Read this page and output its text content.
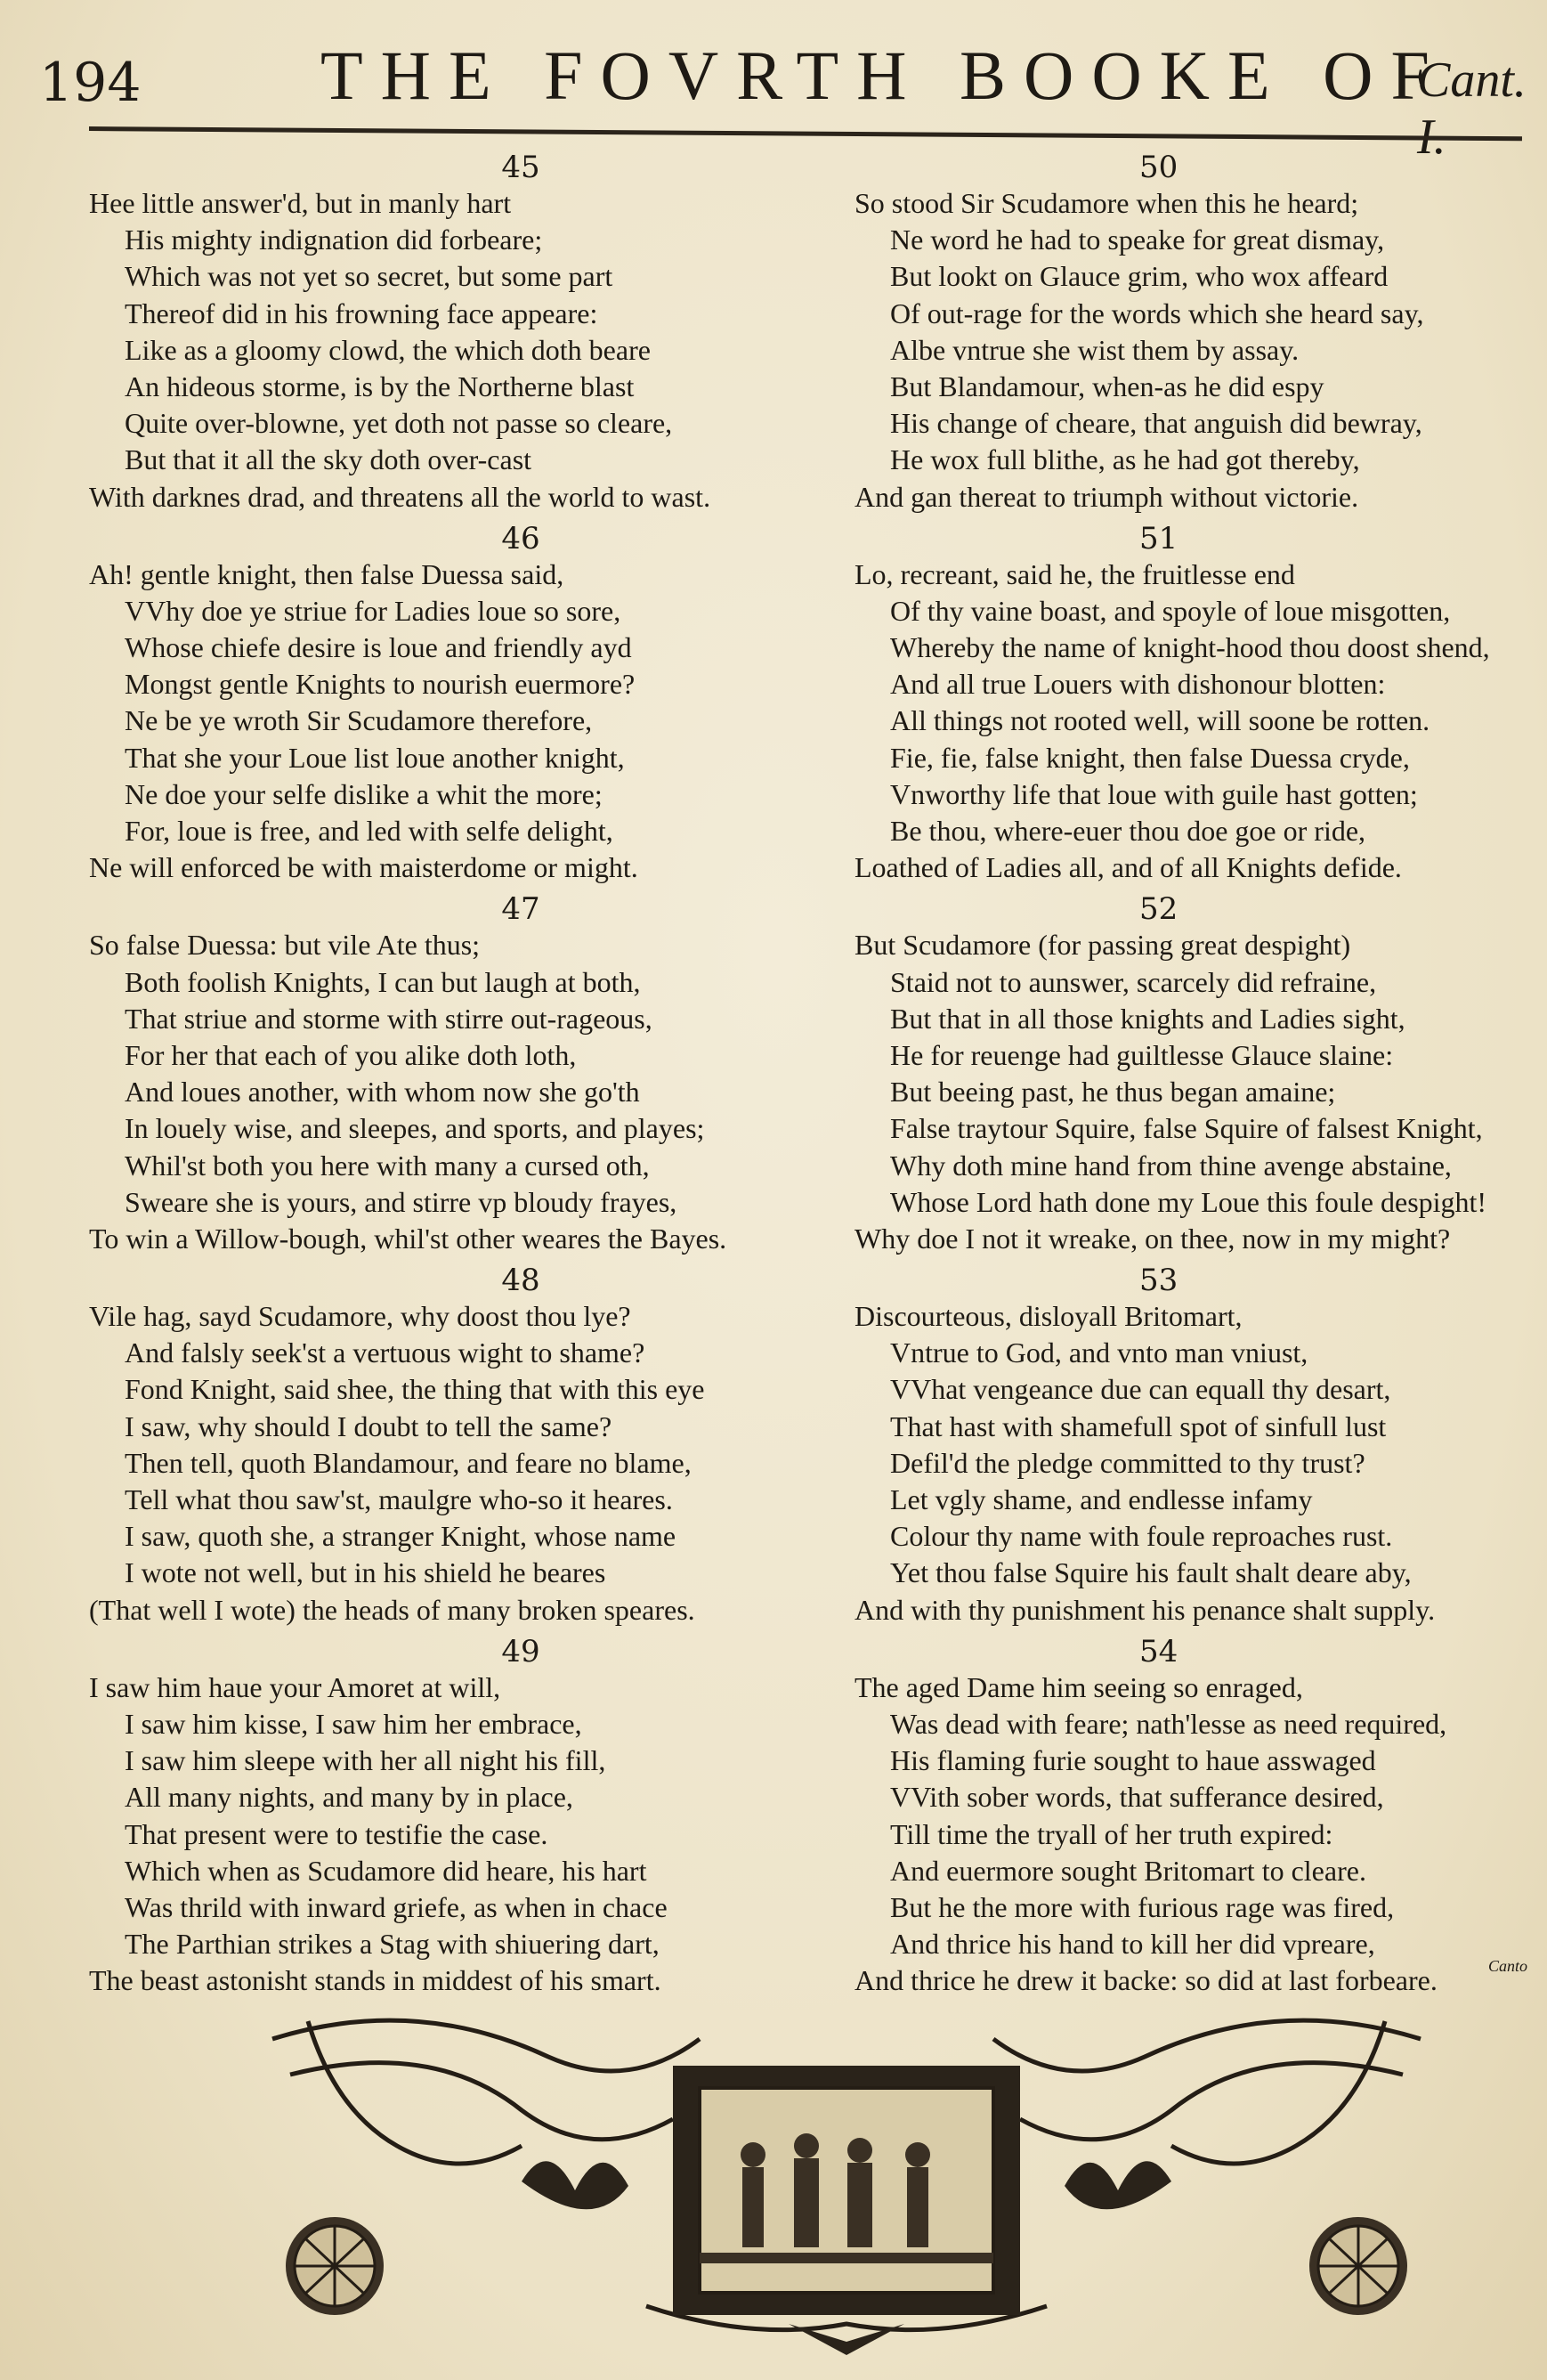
194	THE FOVRTH BOOKE OF
Cant.
45
Hee little answer'd, but in manly hart
His mighty indignation did forbeare;
Which was not yet so secret, but some part
Thereof did in his frowning face appeare:
Like as a gloomy clowd, the which doth beare
An hideous storme, is by the Northerne blast
Quite over-blowne, yet doth not passe so cleare,
But that it all the sky doth over-cast
With darknes drad, and threatens all the world to wast.
46
Ah! gentle knight, then false Duessa said,
VVhy doe ye striue for Ladies loue so sore,
Whose chiefe desire is loue and friendly ayd
Mongst gentle Knights to nourish euermore?
Ne be ye wroth Sir Scudamore therefore,
That she your Loue list loue another knight,
Ne doe your selfe dislike a whit the more;
For, loue is free, and led with selfe delight,
Ne will enforced be with maisterdome or might.
47
So false Duessa: but vile Ate thus;
Both foolish Knights, I can but laugh at both,
That striue and storme with stirre out-rageous,
For her that each of you alike doth loth,
And loues another, with whom now she go'th
In louely wise, and sleepes, and sports, and playes;
Whil'st both you here with many a cursed oth,
Sweare she is yours, and stirre vp bloudy frayes,
To win a Willow-bough, whil'st other weares the Bayes.
48
Vile hag, sayd Scudamore, why doost thou lye?
And falsly seek'st a vertuous wight to shame?
Fond Knight, said shee, the thing that with this eye
I saw, why should I doubt to tell the same?
Then tell, quoth Blandamour, and feare no blame,
Tell what thou saw'st, maulgre who-so it heares.
I saw, quoth she, a stranger Knight, whose name
I wote not well, but in his shield he beares
(That well I wote) the heads of many broken speares.
49
I saw him haue your Amoret at will,
I saw him kisse, I saw him her embrace,
I saw him sleepe with her all night his fill,
All many nights, and many by in place,
That present were to testifie the case.
Which when as Scudamore did heare, his hart
Was thrild with inward griefe, as when in chace
The Parthian strikes a Stag with shiuering dart,
The beast astonisht stands in middest of his smart.
50
So stood Sir Scudamore when this he heard;
Ne word he had to speake for great dismay,
But lookt on Glauce grim, who wox affeard
Of out-rage for the words which she heard say,
Albe vntrue she wist them by assay.
But Blandamour, when-as he did espy
His change of cheare, that anguish did bewray,
He wox full blithe, as he had got thereby,
And gan thereat to triumph without victorie.
51
Lo, recreant, said he, the fruitlesse end
Of thy vaine boast, and spoyle of loue misgotten,
Whereby the name of knight-hood thou doost shend,
And all true Louers with dishonour blotten:
All things not rooted well, will soone be rotten.
Fie, fie, false knight, then false Duessa cryde,
Vnworthy life that loue with guile hast gotten;
Be thou, where-euer thou doe goe or ride,
Loathed of Ladies all, and of all Knights defide.
52
But Scudamore (for passing great despight)
Staid not to aunswer, scarcely did refraine,
But that in all those knights and Ladies sight,
He for reuenge had guiltlesse Glauce slaine:
But beeing past, he thus began amaine;
False traytour Squire, false Squire of falsest Knight,
Why doth mine hand from thine avenge abstaine,
Whose Lord hath done my Loue this foule despight!
Why doe I not it wreake, on thee, now in my might?
53
Discourteous, disloyall Britomart,
Vntrue to God, and vnto man vniust,
VVhat vengeance due can equall thy desart,
That hast with shamefull spot of sinfull lust
Defil'd the pledge committed to thy trust?
Let vgly shame, and endlesse infamy
Colour thy name with foule reproaches rust.
Yet thou false Squire his fault shalt deare aby,
And with thy punishment his penance shalt supply.
54
The aged Dame him seeing so enraged,
Was dead with feare; nath'lesse as need required,
His flaming furie sought to haue asswaged
VVith sober words, that sufferance desired,
Till time the tryall of her truth expired:
And euermore sought Britomart to cleare.
But he the more with furious rage was fired,
And thrice his hand to kill her did vpreare,
And thrice he drew it backe: so did at last forbeare.	Canto
